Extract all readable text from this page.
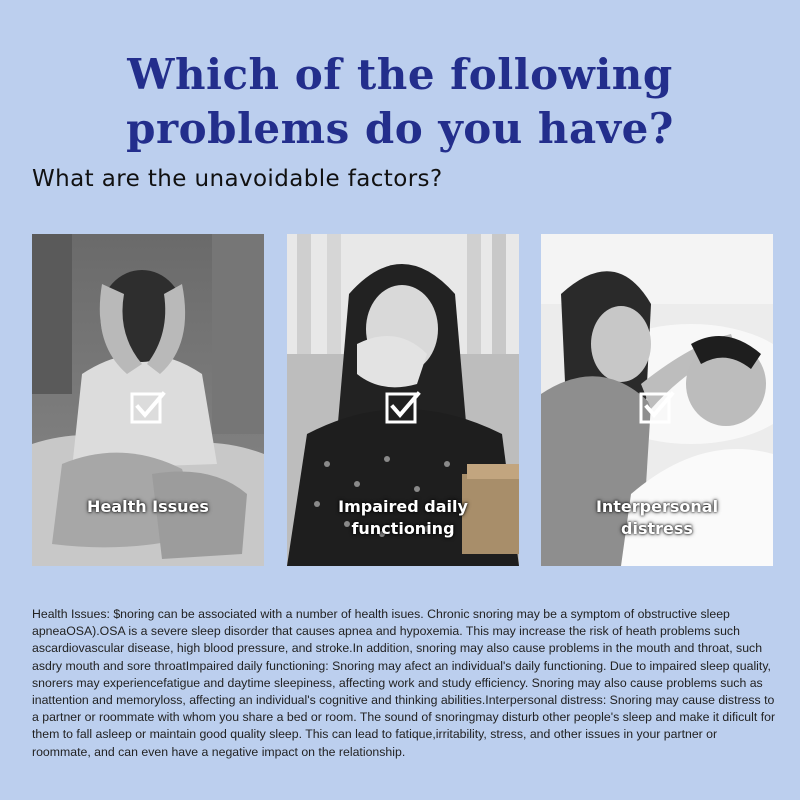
Which of the following
problems do you have?
What are the unavoidable factors?
Health Issues	Impaired daily
functioning
Interpersonal
distress
Health Issues: $noring can be associated with a number of health isues. Chronic snoring may be a symptom of obstructive sleep apneaOSA).OSA is a severe sleep disorder that causes apnea and hypoxemia. This may increase the risk of heath problems such ascardiovascular disease, high blood pressure, and stroke.In addition, snoring may also cause problems in the mouth and throat, such asdry mouth and sore throatImpaired daily functioning: Snoring may afect an individual's daily functioning. Due to impaired sleep quality, snorers may experiencefatigue and daytime sleepiness, affecting work and study efficiency. Snoring may also cause problems such as inattention and memoryloss, affecting an individual's cognitive and thinking abilities.Interpersonal distress: Snoring may cause distress to a partner or roommate with whom you share a bed or room. The sound of snoringmay disturb other people's sleep and make it dificult for them to fall asleep or maintain good quality sleep. This can lead to fatique,irritability, stress, and other issues in your partner or roommate, and can even have a negative impact on the relationship.
